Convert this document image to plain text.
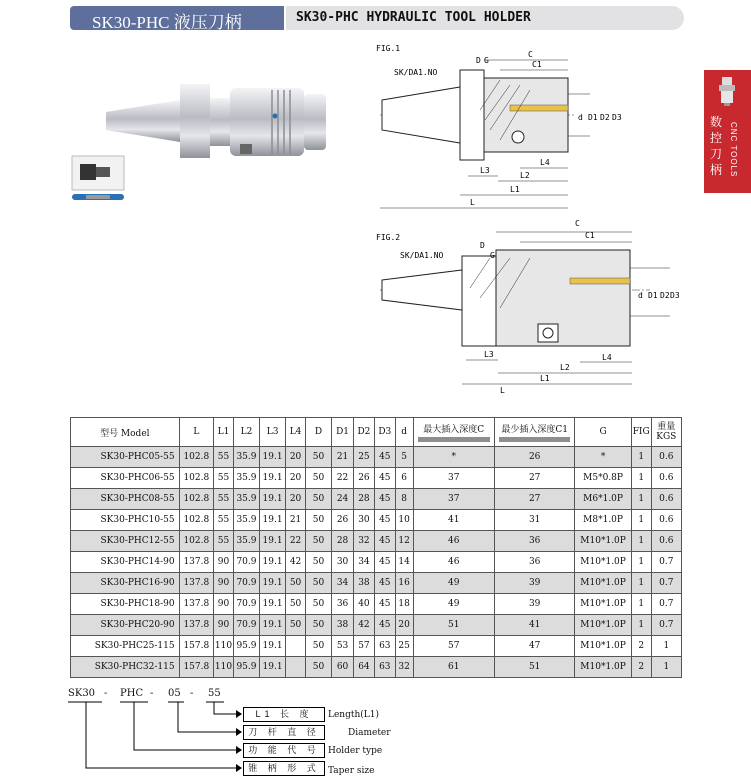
SK30-PHC 液压刀柄	SK30-PHC HYDRAULIC TOOL HOLDER
数控刀柄 CNC TOOLS
FIG.1
SK/DA1.NO
D G
C
C1
d D1 D2 D3
L4
L3
L2
L1
L
FIG.2
SK/DA1.NO
D
G
C
C1
d D1 D2 D3
L4
L3
L2
L1
L
型号 Model	L	L1	L2	L3	L4	D	D1	D2	D3	d	最大插入深度C	最少插入深度C1	G	FIG	重量 KGS
SK30-PHC05-55	102.8	55	35.9	19.1	20	50	21	25	45	5	*	26	*	1	0.6
SK30-PHC06-55	102.8	55	35.9	19.1	20	50	22	26	45	6	37	27	M5*0.8P	1	0.6
SK30-PHC08-55	102.8	55	35.9	19.1	20	50	24	28	45	8	37	27	M6*1.0P	1	0.6
SK30-PHC10-55	102.8	55	35.9	19.1	21	50	26	30	45	10	41	31	M8*1.0P	1	0.6
SK30-PHC12-55	102.8	55	35.9	19.1	22	50	28	32	45	12	46	36	M10*1.0P	1	0.6
SK30-PHC14-90	137.8	90	70.9	19.1	42	50	30	34	45	14	46	36	M10*1.0P	1	0.7
SK30-PHC16-90	137.8	90	70.9	19.1	50	50	34	38	45	16	49	39	M10*1.0P	1	0.7
SK30-PHC18-90	137.8	90	70.9	19.1	50	50	36	40	45	18	49	39	M10*1.0P	1	0.7
SK30-PHC20-90	137.8	90	70.9	19.1	50	50	38	42	45	20	51	41	M10*1.0P	1	0.7
SK30-PHC25-115	157.8	110	95.9	19.1		50	53	57	63	25	57	47	M10*1.0P	2	1
SK30-PHC32-115	157.8	110	95.9	19.1		50	60	64	63	32	61	51	M10*1.0P	2	1
SK30 - PHC - 05 - 55
L1 长 度
刀 杆 直 径
功 能 代 号
锥 柄 形 式
Length(L1)
Diameter
Holder type
Taper size
